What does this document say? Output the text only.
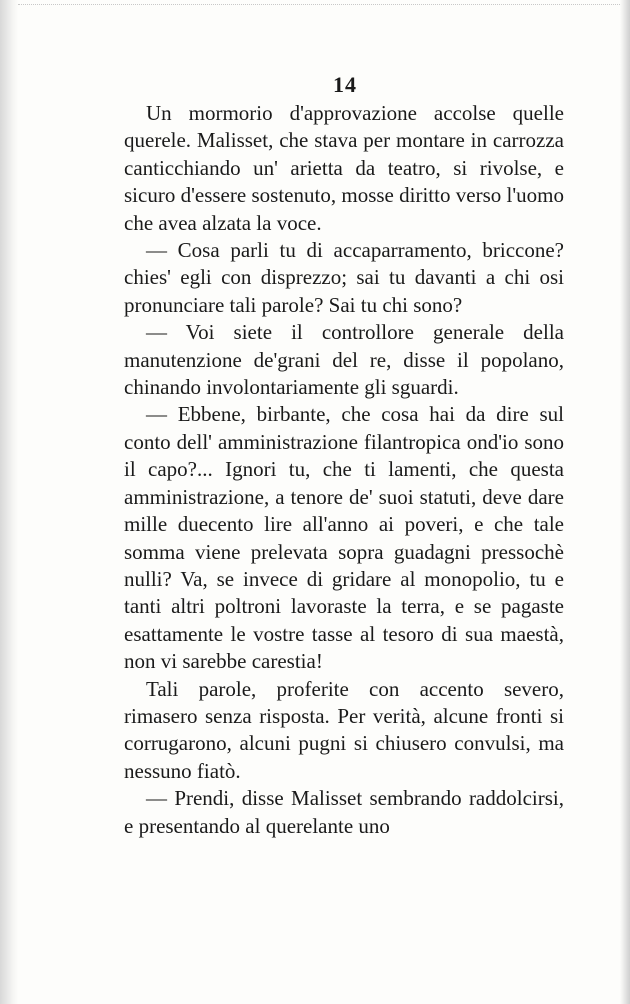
14

Un mormorio d'approvazione accolse quelle querele. Malisset, che stava per montare in carrozza canticchiando un' arietta da teatro, si rivolse, e sicuro d'essere sostenuto, mosse diritto verso l'uomo che avea alzata la voce.

— Cosa parli tu di accaparramento, briccone? chies' egli con disprezzo; sai tu davanti a chi osi pronunciare tali parole? Sai tu chi sono?

— Voi siete il controllore generale della manutenzione de'grani del re, disse il popolano, chinando involontariamente gli sguardi.

— Ebbene, birbante, che cosa hai da dire sul conto dell' amministrazione filantropica ond'io sono il capo?... Ignori tu, che ti lamenti, che questa amministrazione, a tenore de' suoi statuti, deve dare mille duecento lire all'anno ai poveri, e che tale somma viene prelevata sopra guadagni pressochè nulli? Va, se invece di gridare al monopolio, tu e tanti altri poltroni lavoraste la terra, e se pagaste esattamente le vostre tasse al tesoro di sua maestà, non vi sarebbe carestia!

Tali parole, proferite con accento severo, rimasero senza risposta. Per verità, alcune fronti si corrugarono, alcuni pugni si chiusero convulsi, ma nessuno fiatò.

— Prendi, disse Malisset sembrando raddolcirsi, e presentando al querelante uno
